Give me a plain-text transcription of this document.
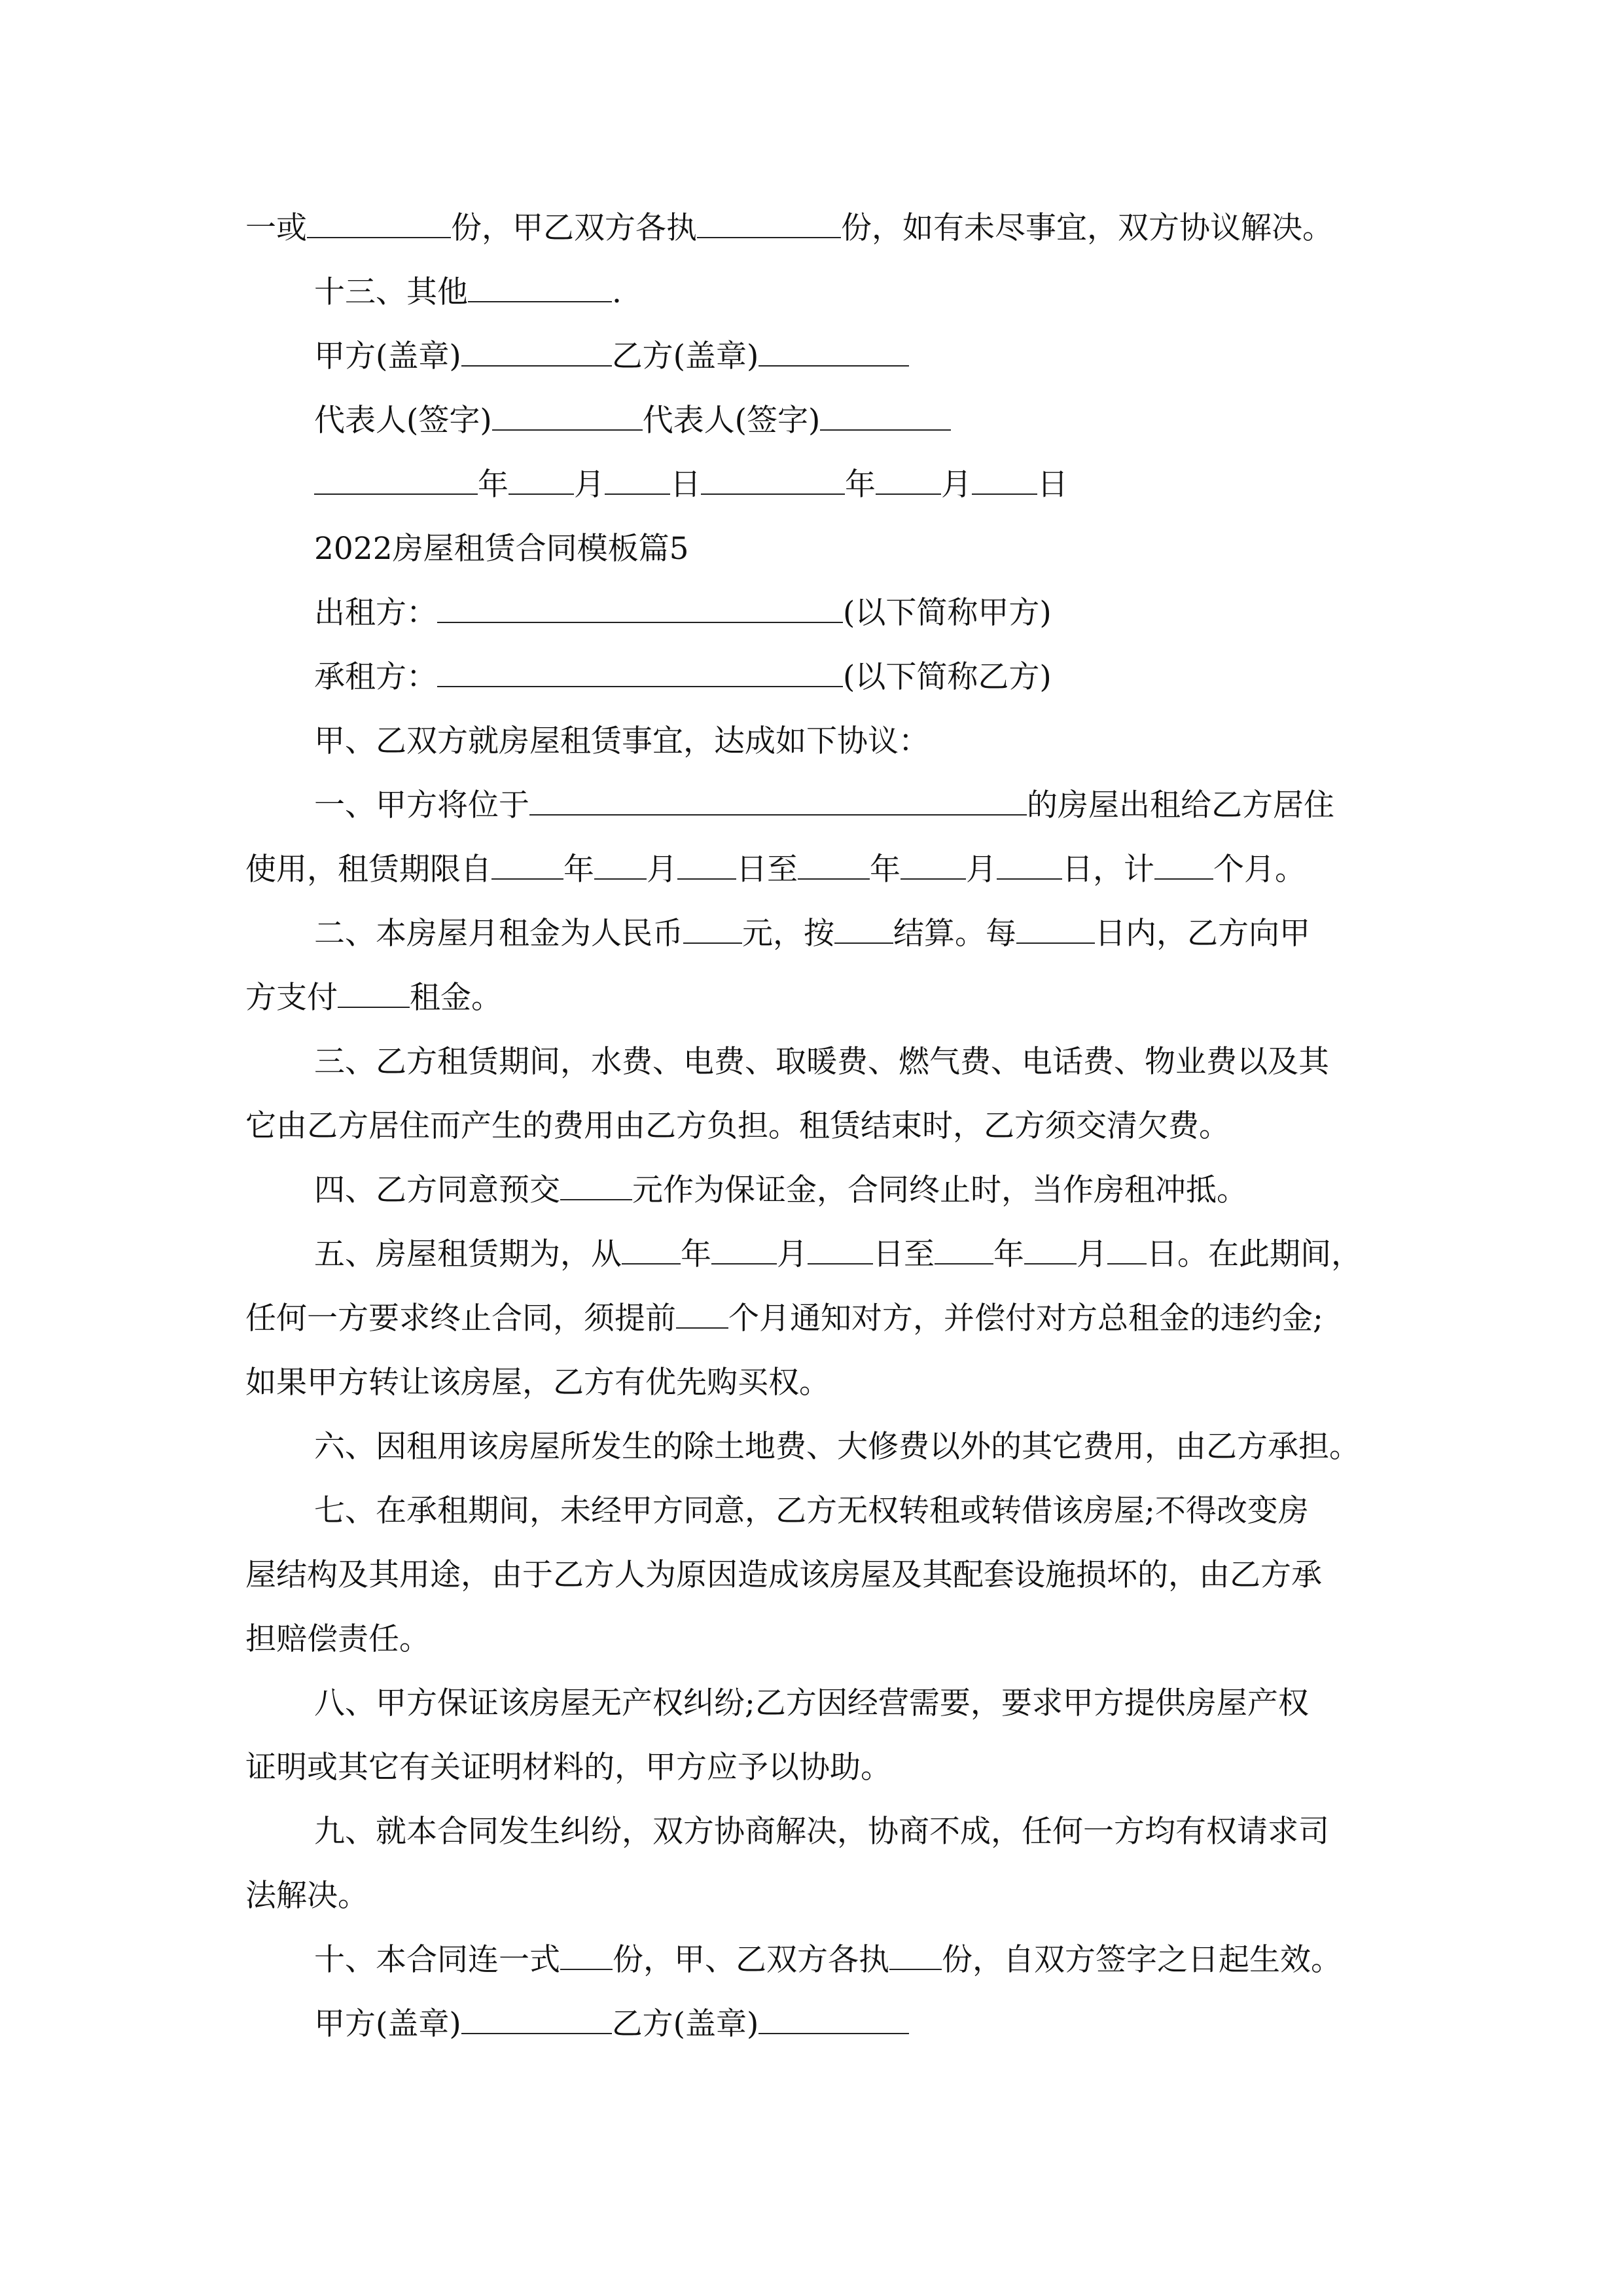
一或	份，甲乙双方各执	份，如有未尽事宜，双方协议解决。
十三、其他	.
甲方(盖章)	乙方(盖章)
代表人(签字)	代表人(签字)
年 月 日	年 月 日
2022房屋租赁合同模板篇5
出租方：	(以下简称甲方)
承租方：	(以下简称乙方)
甲、乙双方就房屋租赁事宜，达成如下协议：
一、甲方将位于	的房屋出租给乙方居住
使用，租赁期限自 年 月 日至 年 月 日，计 个月。
二、本房屋月租金为人民币 元，按 结算。每	日内，乙方向甲
方支付 租金。
三、乙方租赁期间，水费、电费、取暖费、燃气费、电话费、物业费以及其
它由乙方居住而产生的费用由乙方负担。租赁结束时，乙方须交清欠费。
四、乙方同意预交 元作为保证金，合同终止时，当作房租冲抵。
五、房屋租赁期为，从 年 月 日至 年 月 日。在此期间，
任何一方要求终止合同，须提前 个月通知对方，并偿付对方总租金的违约金;
如果甲方转让该房屋，乙方有优先购买权。
六、因租用该房屋所发生的除土地费、大修费以外的其它费用，由乙方承担。
七、在承租期间，未经甲方同意，乙方无权转租或转借该房屋;不得改变房
屋结构及其用途，由于乙方人为原因造成该房屋及其配套设施损坏的，由乙方承
担赔偿责任。
八、甲方保证该房屋无产权纠纷;乙方因经营需要，要求甲方提供房屋产权
证明或其它有关证明材料的，甲方应予以协助。
九、就本合同发生纠纷，双方协商解决，协商不成，任何一方均有权请求司
法解决。
十、本合同连一式 份，甲、乙双方各执 份，自双方签字之日起生效。
甲方(盖章)	乙方(盖章)
